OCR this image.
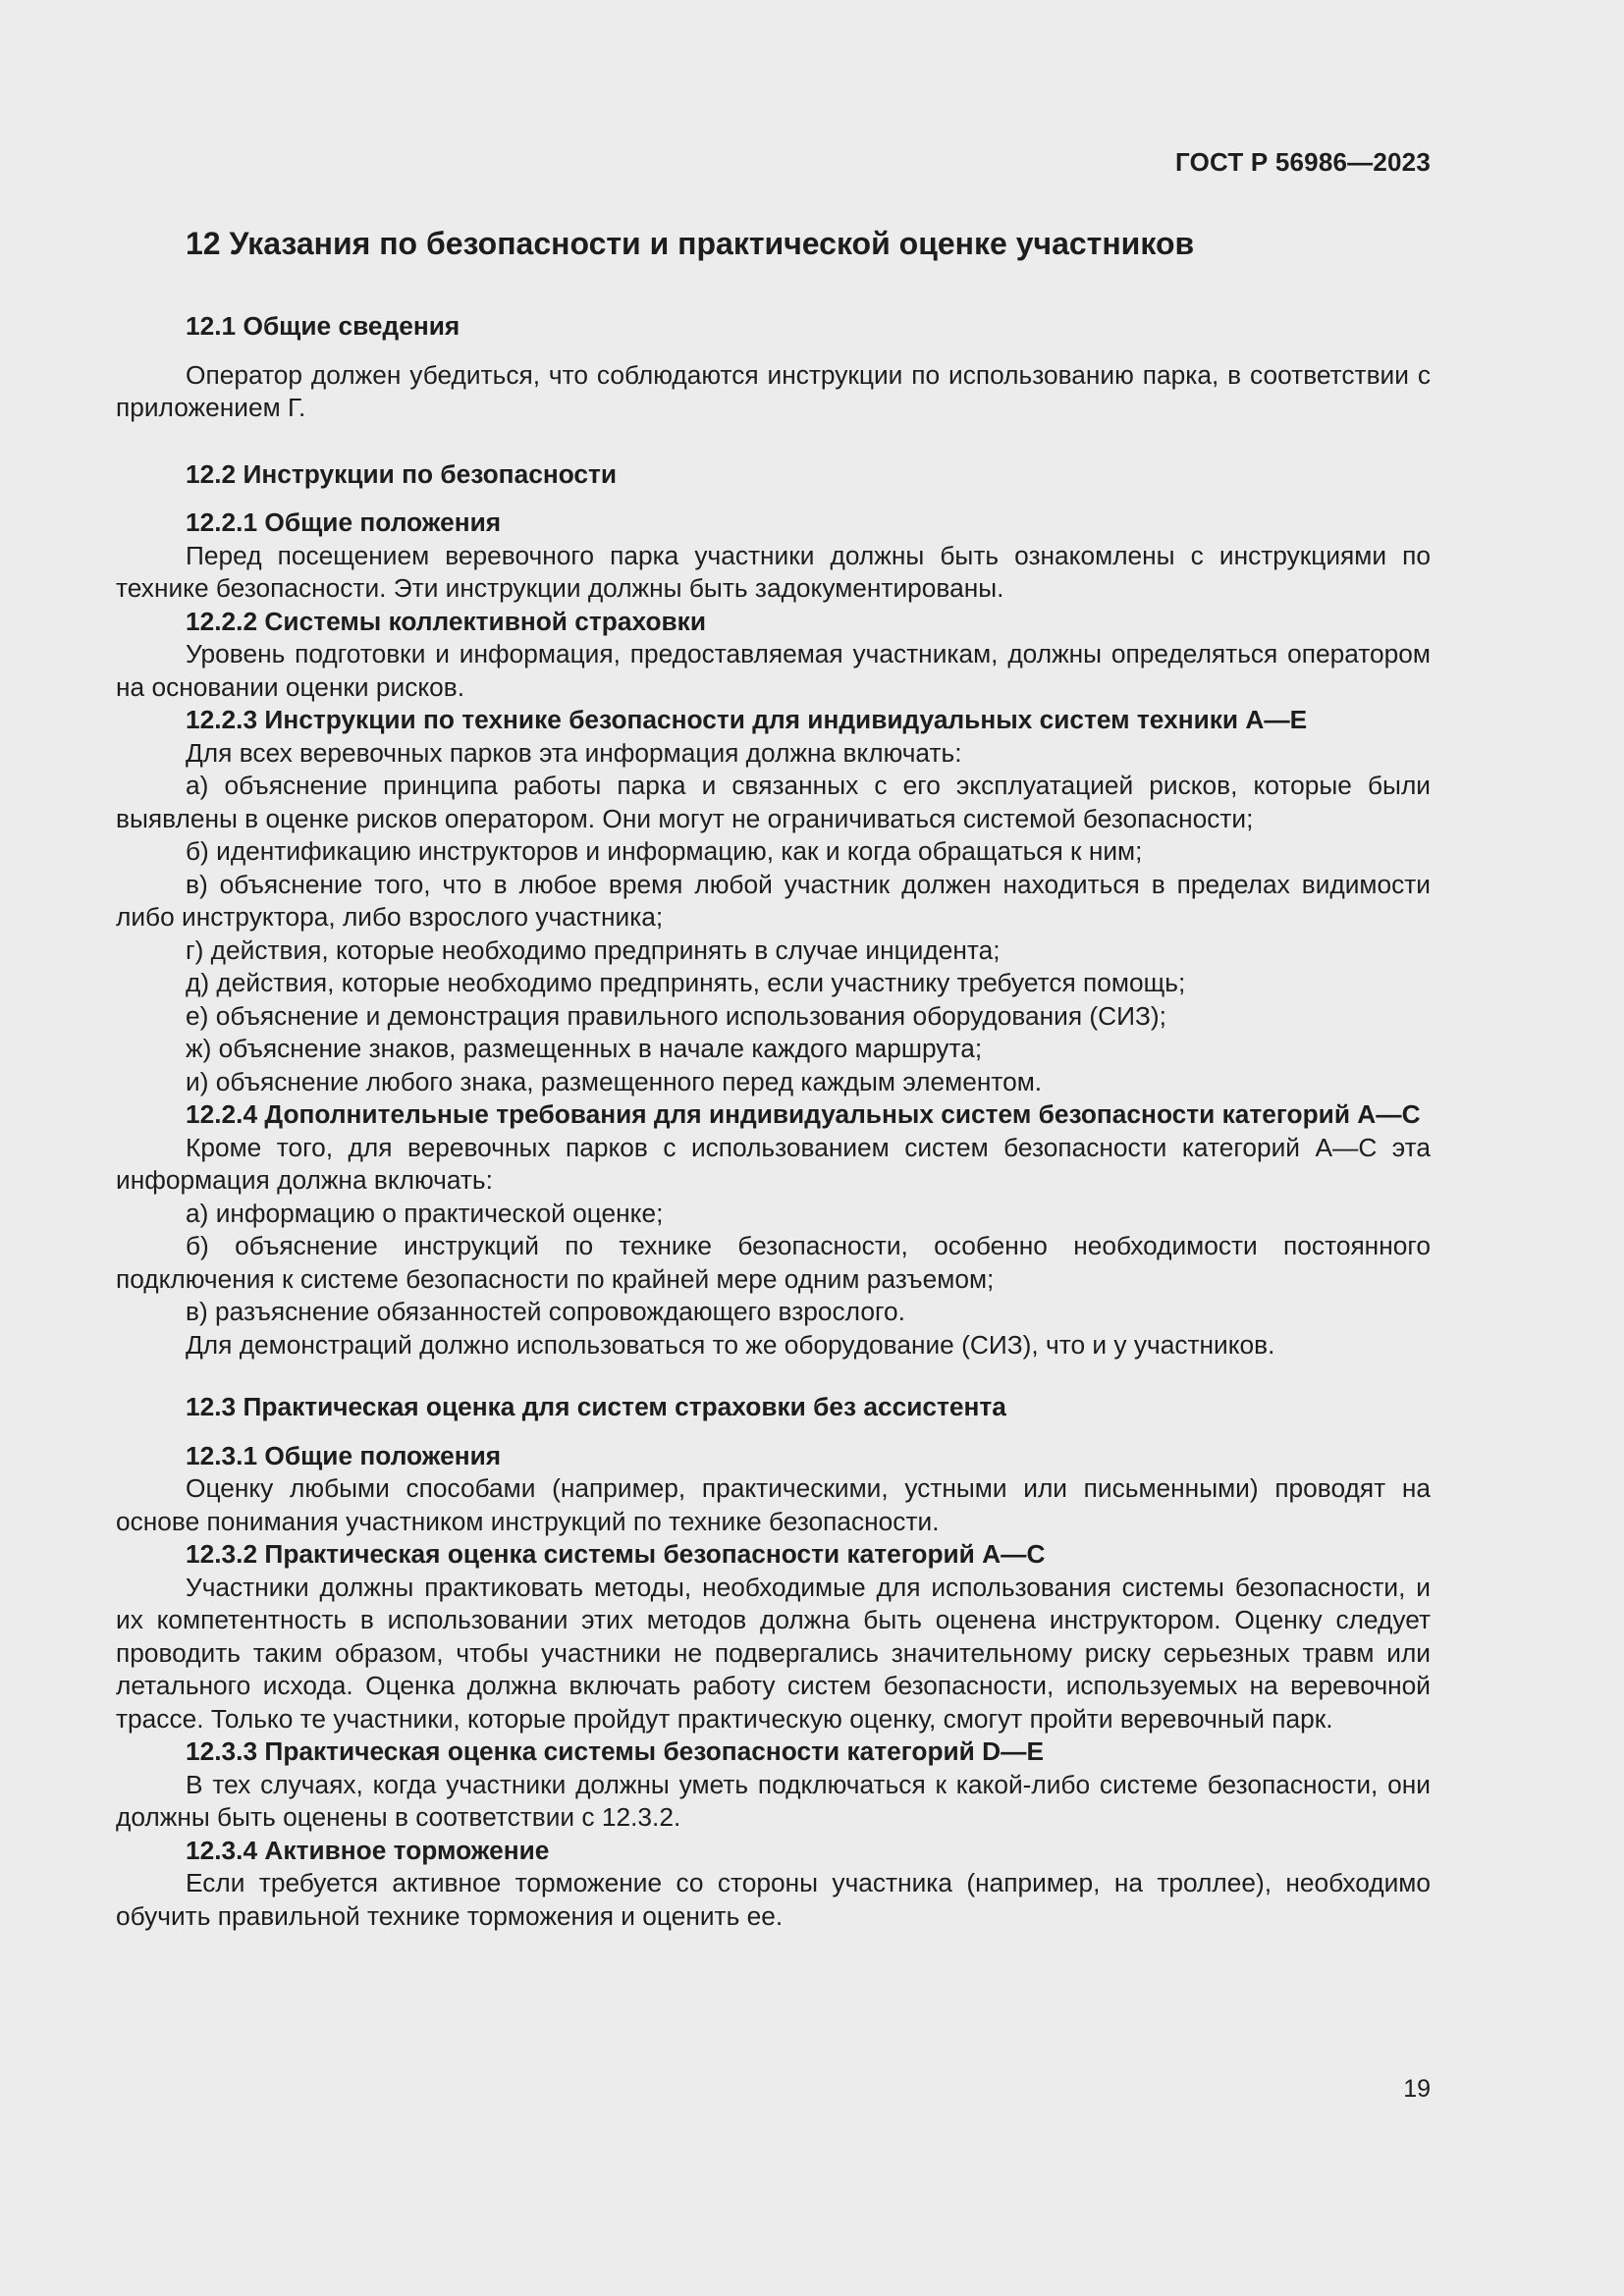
ГОСТ Р 56986—2023
12 Указания по безопасности и практической оценке участников
12.1 Общие сведения

Оператор должен убедиться, что соблюдаются инструкции по использованию парка, в соответствии с приложением Г.

12.2 Инструкции по безопасности
12.2.1 Общие положения

Перед посещением веревочного парка участники должны быть ознакомлены с инструкциями по технике безопасности. Эти инструкции должны быть задокументированы.

12.2.2 Системы коллективной страховки

Уровень подготовки и информация, предоставляемая участникам, должны определяться оператором на основании оценки рисков.

12.2.3 Инструкции по технике безопасности для индивидуальных систем техники A—E

Для всех веревочных парков эта информация должна включать:

а) объяснение принципа работы парка и связанных с его эксплуатацией рисков, которые были выявлены в оценке рисков оператором. Они могут не ограничиваться системой безопасности;

б) идентификацию инструкторов и информацию, как и когда обращаться к ним;

в) объяснение того, что в любое время любой участник должен находиться в пределах видимости либо инструктора, либо взрослого участника;

г) действия, которые необходимо предпринять в случае инцидента;

д) действия, которые необходимо предпринять, если участнику требуется помощь;

е) объяснение и демонстрация правильного использования оборудования (СИЗ);

ж) объяснение знаков, размещенных в начале каждого маршрута;

и) объяснение любого знака, размещенного перед каждым элементом.

12.2.4 Дополнительные требования для индивидуальных систем безопасности категорий A—C

Кроме того, для веревочных парков с использованием систем безопасности категорий A—C эта информация должна включать:

а) информацию о практической оценке;

б) объяснение инструкций по технике безопасности, особенно необходимости постоянного подключения к системе безопасности по крайней мере одним разъемом;

в) разъяснение обязанностей сопровождающего взрослого.

Для демонстраций должно использоваться то же оборудование (СИЗ), что и у участников.

12.3 Практическая оценка для систем страховки без ассистента
12.3.1 Общие положения

Оценку любыми способами (например, практическими, устными или письменными) проводят на основе понимания участником инструкций по технике безопасности.

12.3.2 Практическая оценка системы безопасности категорий A—C

Участники должны практиковать методы, необходимые для использования системы безопасности, и их компетентность в использовании этих методов должна быть оценена инструктором. Оценку следует проводить таким образом, чтобы участники не подвергались значительному риску серьезных травм или летального исхода. Оценка должна включать работу систем безопасности, используемых на веревочной трассе. Только те участники, которые пройдут практическую оценку, смогут пройти веревочный парк.

12.3.3 Практическая оценка системы безопасности категорий D—E

В тех случаях, когда участники должны уметь подключаться к какой-либо системе безопасности, они должны быть оценены в соответствии с 12.3.2.

12.3.4 Активное торможение

Если требуется активное торможение со стороны участника (например, на троллее), необходимо обучить правильной технике торможения и оценить ее.

19
